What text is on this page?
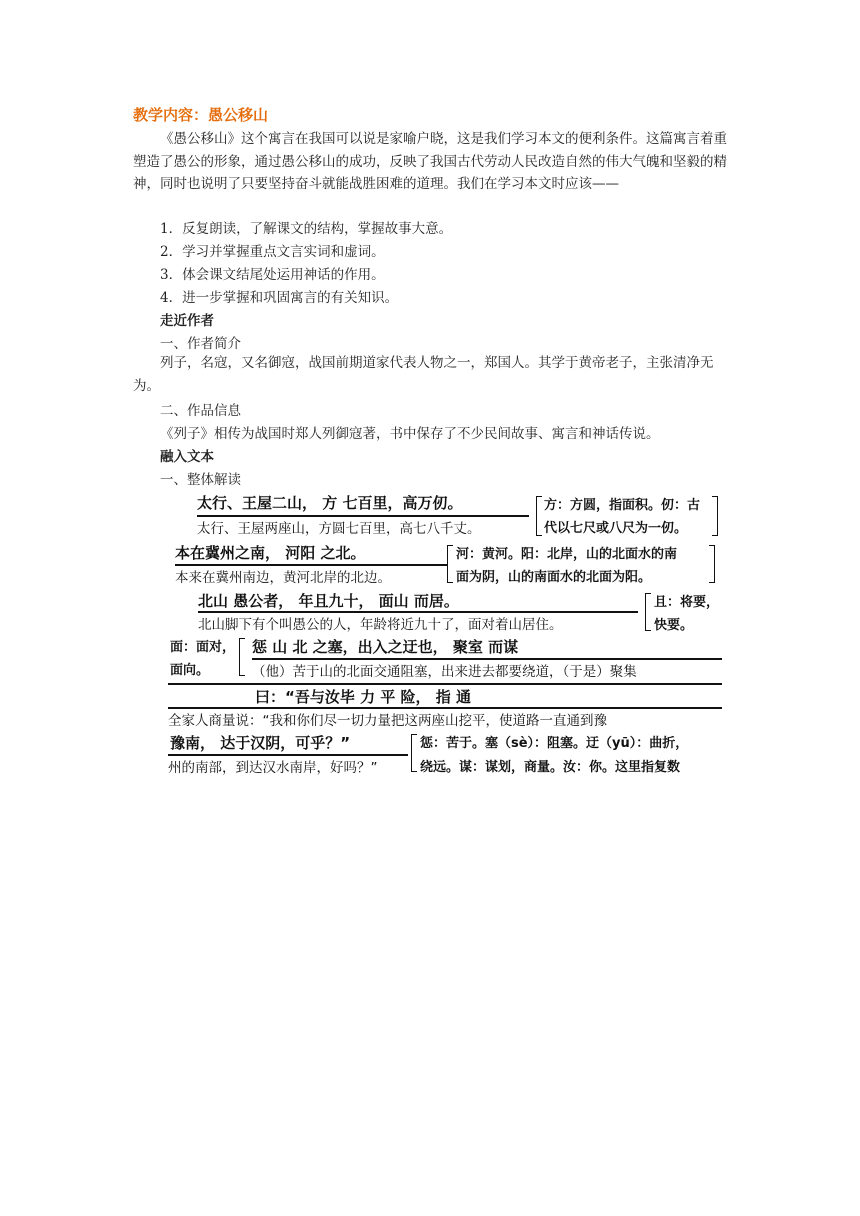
教学内容：愚公移山
《愚公移山》这个寓言在我国可以说是家喻户晓，这是我们学习本文的便利条件。这篇寓言着重塑造了愚公的形象，通过愚公移山的成功，反映了我国古代劳动人民改造自然的伟大气魄和坚毅的精神，同时也说明了只要坚持奋斗就能战胜困难的道理。我们在学习本文时应该——
1．反复朗读，了解课文的结构，掌握故事大意。
2．学习并掌握重点文言实词和虚词。
3．体会课文结尾处运用神话的作用。
4．进一步掌握和巩固寓言的有关知识。
走近作者
一、作者简介
列子，名寇，又名御寇，战国前期道家代表人物之一，郑国人。其学于黄帝老子，主张清净无为。
二、作品信息
《列子》相传为战国时郑人列御寇著，书中保存了不少民间故事、寓言和神话传说。
融入文本
一、整体解读
太行、王屋二山， 方 七百里，高万仞。
太行、王屋两座山，方圆七百里，高七八千丈。
方：方圆，指面积。仞：古
代以七尺或八尺为一仞。
本在冀州之南， 河阳 之北。
本来在冀州南边，黄河北岸的北边。
河：黄河。阳：北岸，山的北面水的南
面为阴，山的南面水的北面为阳。
北山 愚公者， 年且九十， 面山 而居。
北山脚下有个叫愚公的人，年龄将近九十了，面对着山居住。
且：将要，
快要。
面：面对，
面向。
惩 山 北 之塞，出入之迂也， 聚室 而谋
（他）苦于山的北面交通阻塞，出来进去都要绕道，（于是）聚集
曰：“吾与汝毕 力 平 险， 指 通
全家人商量说：“我和你们尽一切力量把这两座山挖平，使道路一直通到豫
豫南， 达于汉阴，可乎？”
州的南部，到达汉水南岸，好吗？”
惩：苦于。塞（sè）：阻塞。迂（yū）：曲折，
绕远。谋：谋划，商量。汝：你。这里指复数
